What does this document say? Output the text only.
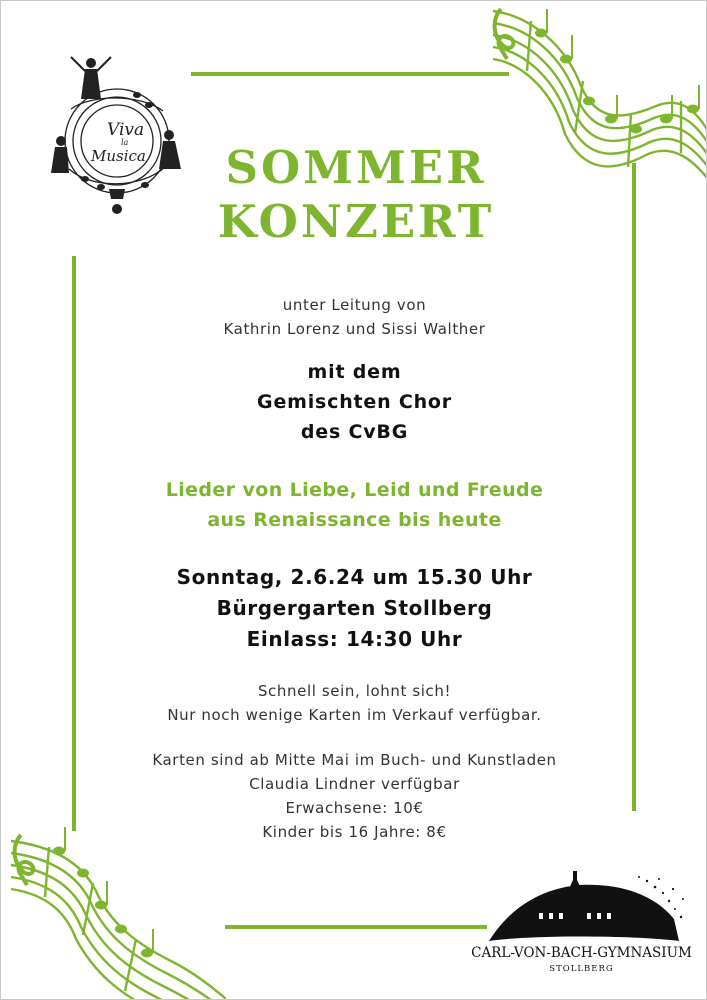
Viva
la
Musica	SOMMER
KONZERT
unter Leitung von
Kathrin Lorenz und Sissi Walther
mit dem
Gemischten Chor
des CvBG
Lieder von Liebe, Leid und Freude
aus Renaissance bis heute
Sonntag, 2.6.24 um 15.30 Uhr
Bürgergarten Stollberg
Einlass: 14:30 Uhr
Schnell sein, lohnt sich!
Nur noch wenige Karten im Verkauf verfügbar.
Karten sind ab Mitte Mai im Buch- und Kunstladen
Claudia Lindner verfügbar
Erwachsene: 10€
Kinder bis 16 Jahre: 8€
CARL-VON-BACH-GYMNASIUM
STOLLBERG
